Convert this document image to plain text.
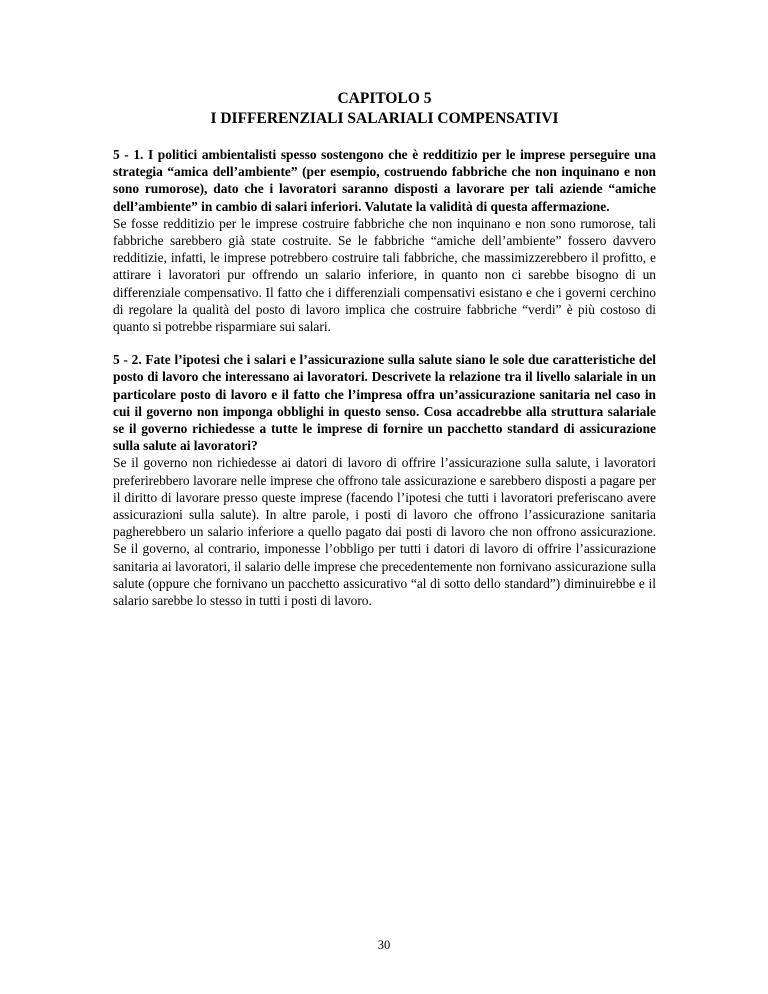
CAPITOLO 5
I DIFFERENZIALI SALARIALI COMPENSATIVI

5 - 1. I politici ambientalisti spesso sostengono che è redditizio per le imprese perseguire una strategia “amica dell’ambiente” (per esempio, costruendo fabbriche che non inquinano e non sono rumorose), dato che i lavoratori saranno disposti a lavorare per tali aziende “amiche dell’ambiente” in cambio di salari inferiori. Valutate la validità di questa affermazione.

Se fosse redditizio per le imprese costruire fabbriche che non inquinano e non sono rumorose, tali fabbriche sarebbero già state costruite. Se le fabbriche “amiche dell’ambiente” fossero davvero redditizie, infatti, le imprese potrebbero costruire tali fabbriche, che massimizzerebbero il profitto, e attirare i lavoratori pur offrendo un salario inferiore, in quanto non ci sarebbe bisogno di un differenziale compensativo. Il fatto che i differenziali compensativi esistano e che i governi cerchino di regolare la qualità del posto di lavoro implica che costruire fabbriche “verdi” è più costoso di quanto si potrebbe risparmiare sui salari.

5 - 2. Fate l’ipotesi che i salari e l’assicurazione sulla salute siano le sole due caratteristiche del posto di lavoro che interessano ai lavoratori. Descrivete la relazione tra il livello salariale in un particolare posto di lavoro e il fatto che l’impresa offra un’assicurazione sanitaria nel caso in cui il governo non imponga obblighi in questo senso. Cosa accadrebbe alla struttura salariale se il governo richiedesse a tutte le imprese di fornire un pacchetto standard di assicurazione sulla salute ai lavoratori?

Se il governo non richiedesse ai datori di lavoro di offrire l’assicurazione sulla salute, i lavoratori preferirebbero lavorare nelle imprese che offrono tale assicurazione e sarebbero disposti a pagare per il diritto di lavorare presso queste imprese (facendo l’ipotesi che tutti i lavoratori preferiscano avere assicurazioni sulla salute). In altre parole, i posti di lavoro che offrono l’assicurazione sanitaria pagherebbero un salario inferiore a quello pagato dai posti di lavoro che non offrono assicurazione. Se il governo, al contrario, imponesse l’obbligo per tutti i datori di lavoro di offrire l’assicurazione sanitaria ai lavoratori, il salario delle imprese che precedentemente non fornivano assicurazione sulla salute (oppure che fornivano un pacchetto assicurativo “al di sotto dello standard”) diminuirebbe e il salario sarebbe lo stesso in tutti i posti di lavoro.

30
